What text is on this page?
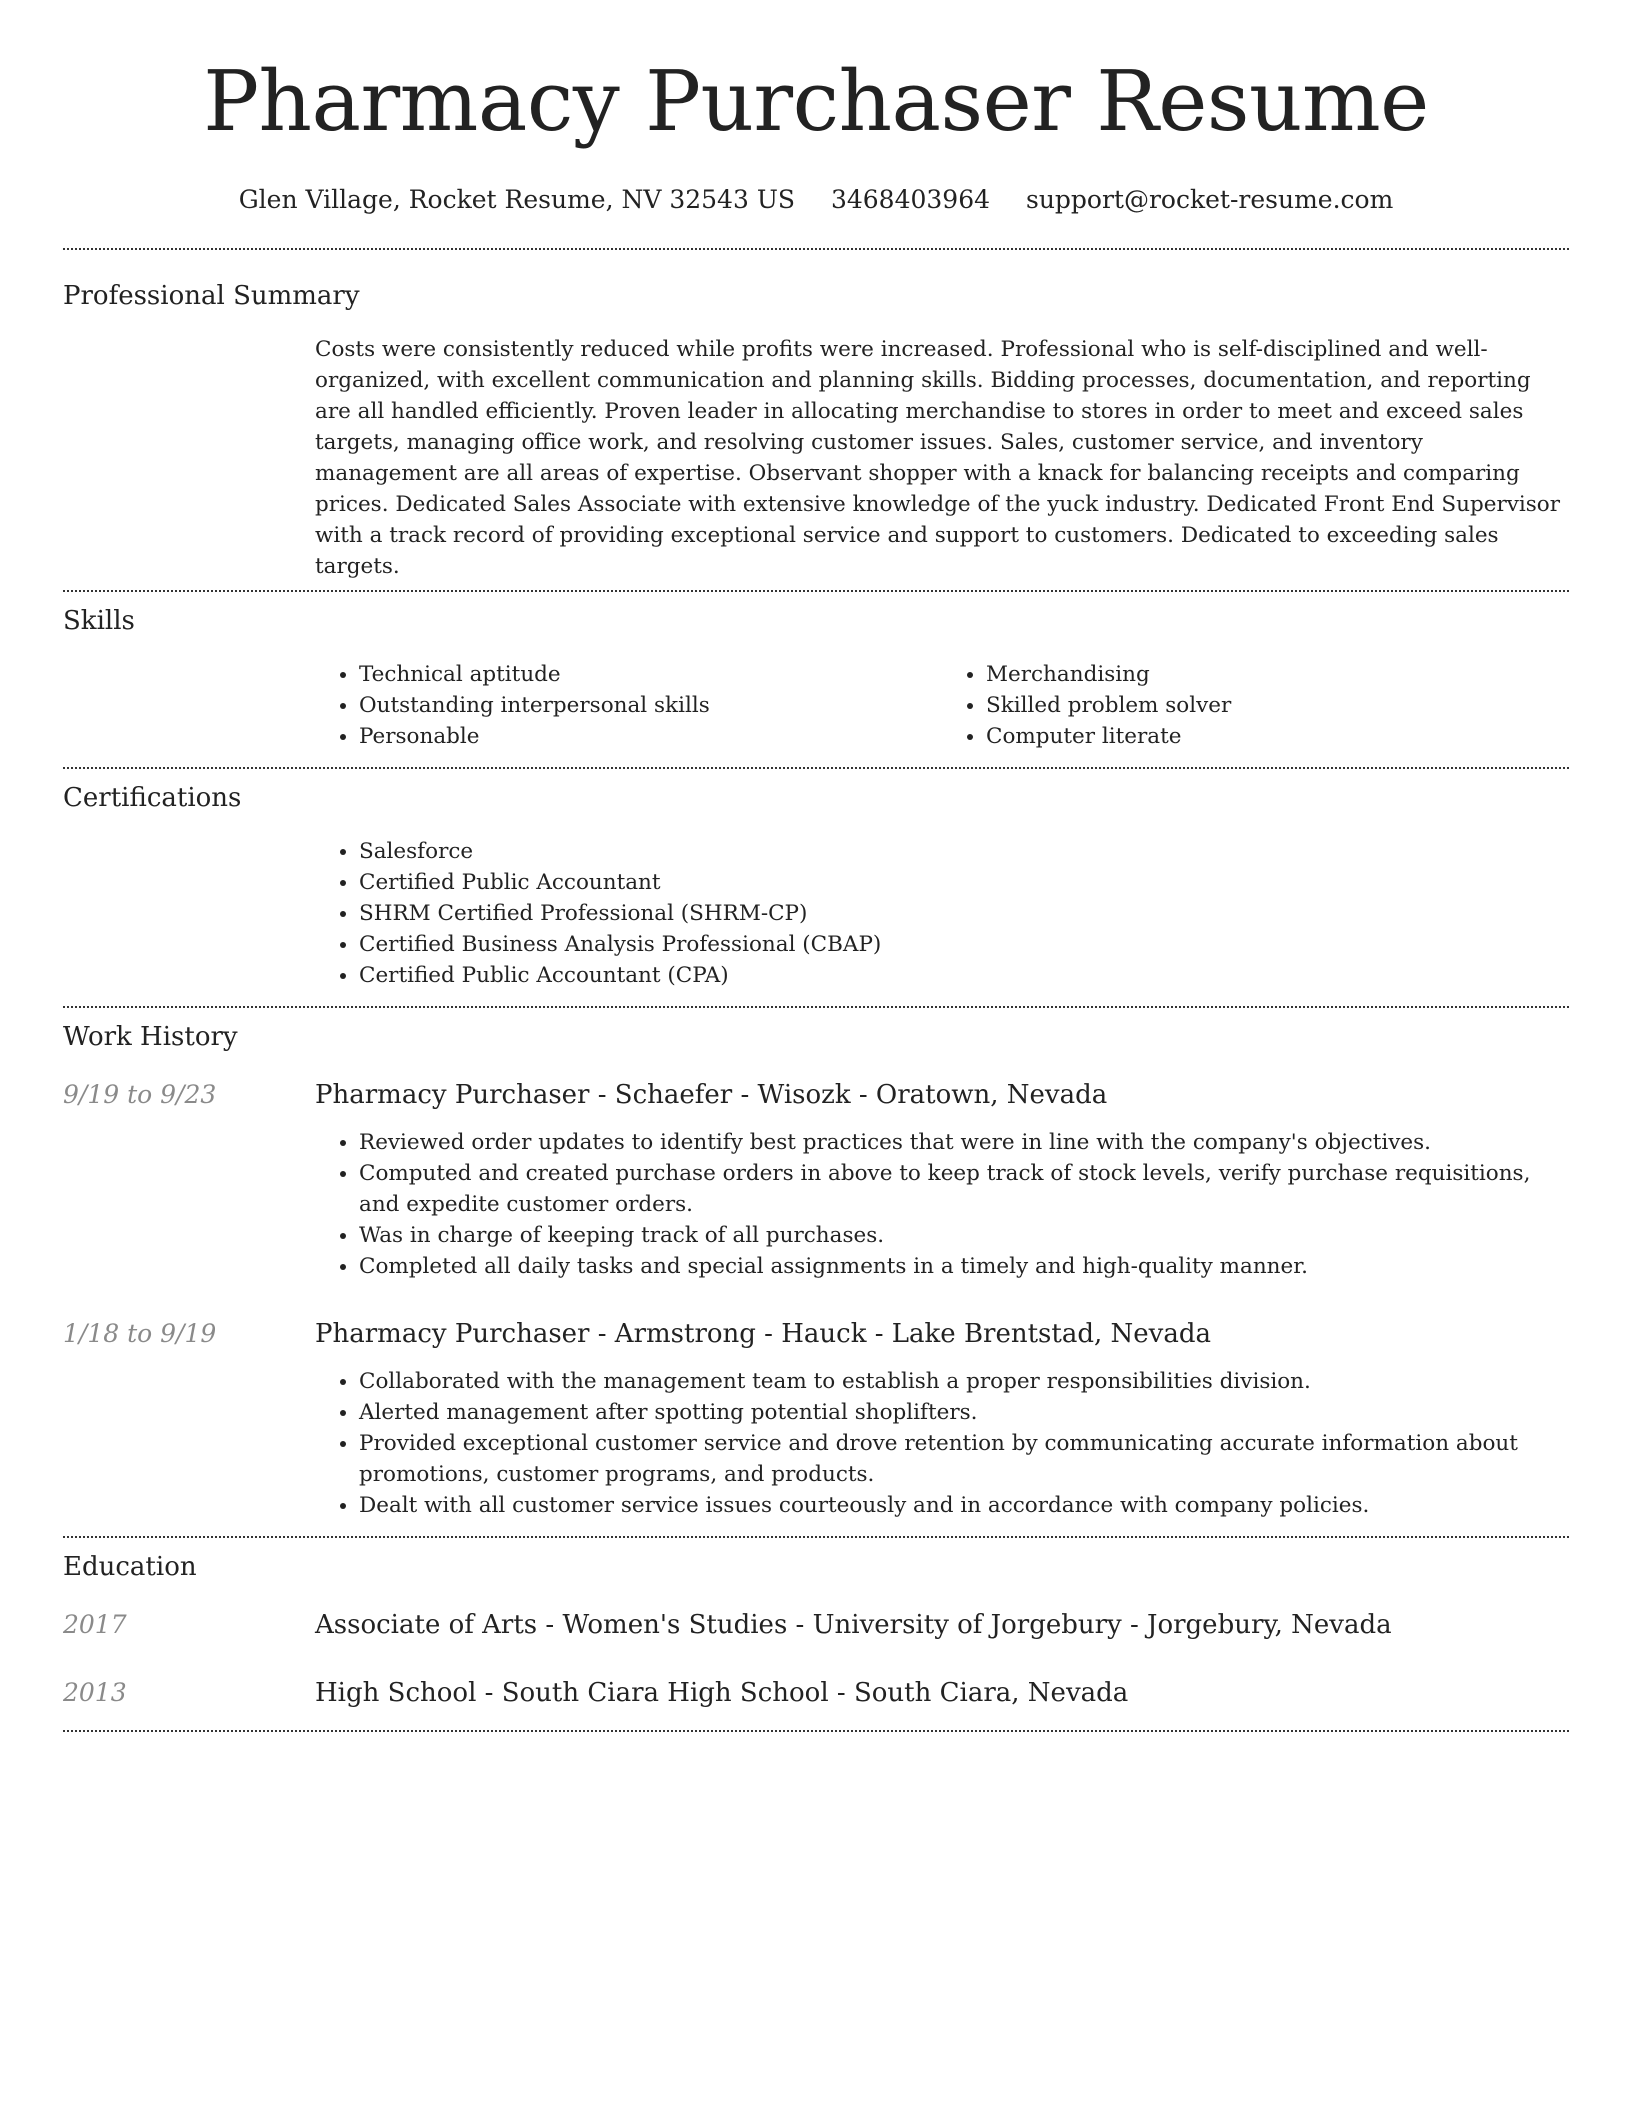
Pharmacy Purchaser Resume
Glen Village, Rocket Resume, NV 32543 US 3468403964 support@rocket-resume.com
Professional Summary

Costs were consistently reduced while profits were increased. Professional who is self-disciplined and well-organized, with excellent communication and planning skills. Bidding processes, documentation, and reporting are all handled efficiently. Proven leader in allocating merchandise to stores in order to meet and exceed sales targets, managing office work, and resolving customer issues. Sales, customer service, and inventory management are all areas of expertise. Observant shopper with a knack for balancing receipts and comparing prices. Dedicated Sales Associate with extensive knowledge of the yuck industry. Dedicated Front End Supervisor with a track record of providing exceptional service and support to customers. Dedicated to exceeding sales targets.

Skills
• Technical aptitude
• Outstanding interpersonal skills
• Personable
• Merchandising
• Skilled problem solver
• Computer literate
Certifications
• Salesforce
• Certified Public Accountant
• SHRM Certified Professional (SHRM-CP)
• Certified Business Analysis Professional (CBAP)
• Certified Public Accountant (CPA)
Work History
9/19 to 9/23	Pharmacy Purchaser - Schaefer - Wisozk - Oratown, Nevada
• Reviewed order updates to identify best practices that were in line with the company's objectives.
• Computed and created purchase orders in above to keep track of stock levels, verify purchase requisitions, and expedite customer orders.
• Was in charge of keeping track of all purchases.
• Completed all daily tasks and special assignments in a timely and high-quality manner.
1/18 to 9/19	Pharmacy Purchaser - Armstrong - Hauck - Lake Brentstad, Nevada
• Collaborated with the management team to establish a proper responsibilities division.
• Alerted management after spotting potential shoplifters.
• Provided exceptional customer service and drove retention by communicating accurate information about promotions, customer programs, and products.
• Dealt with all customer service issues courteously and in accordance with company policies.
Education
2017	Associate of Arts - Women's Studies - University of Jorgebury - Jorgebury, Nevada
2013	High School - South Ciara High School - South Ciara, Nevada
